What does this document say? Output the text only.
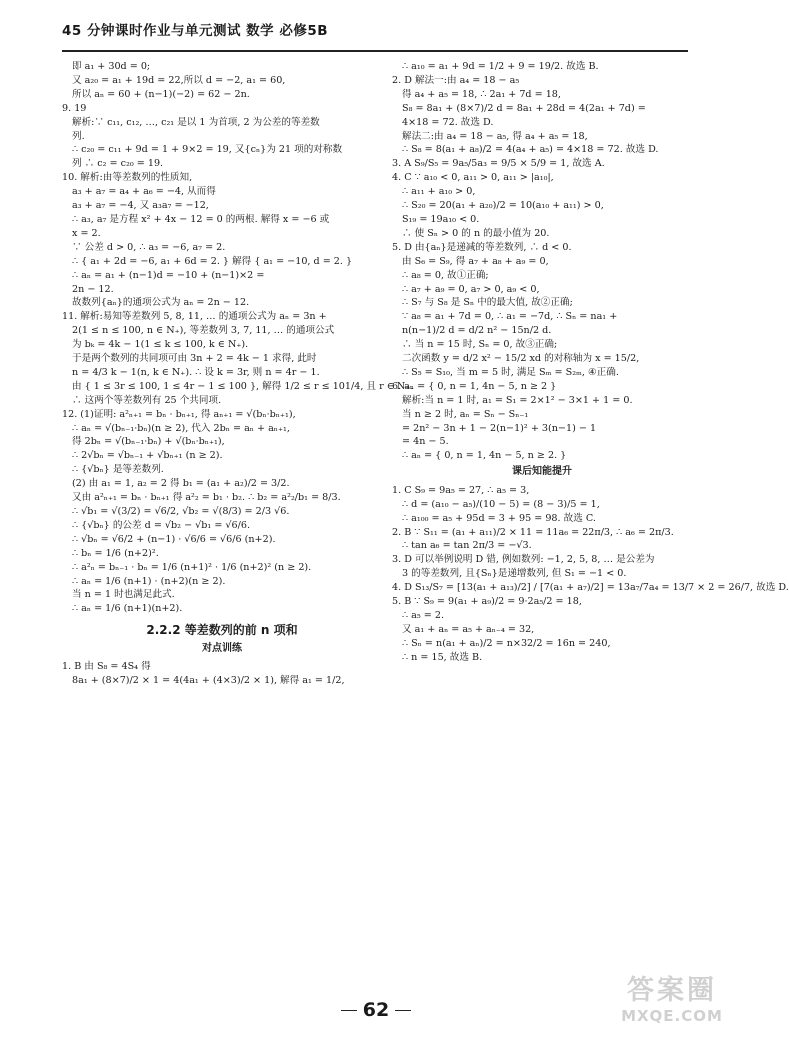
45 分钟课时作业与单元测试 数学 必修5B
即 a₁ + 30d = 0;
又 a₂₀ = a₁ + 19d = 22,所以 d = −2, a₁ = 60,
所以 aₙ = 60 + (n−1)(−2) = 62 − 2n.
9. 19
解析:∵ c₁₁, c₁₂, …, c₂₁ 是以 1 为首项, 2 为公差的等差数
列.
∴ c₂₀ = c₁₁ + 9d = 1 + 9×2 = 19, 又{cₙ}为 21 项的对称数
列 ∴ c₂ = c₂₀ = 19.
10. 解析:由等差数列的性质知,
a₃ + a₇ = a₄ + a₆ = −4, 从而得
a₃ + a₇ = −4, 又 a₃a₇ = −12,
∴ a₃, a₇ 是方程 x² + 4x − 12 = 0 的两根. 解得 x = −6 或
x = 2.
∵ 公差 d > 0, ∴ a₃ = −6, a₇ = 2.
∴ { a₁ + 2d = −6, a₁ + 6d = 2. } 解得 { a₁ = −10, d = 2. }
∴ aₙ = a₁ + (n−1)d = −10 + (n−1)×2 =
2n − 12.
故数列{aₙ}的通项公式为 aₙ = 2n − 12.
11. 解析:易知等差数列 5, 8, 11, … 的通项公式为 aₙ = 3n +
2(1 ≤ n ≤ 100, n ∈ N₊), 等差数列 3, 7, 11, … 的通项公式
为 bₖ = 4k − 1(1 ≤ k ≤ 100, k ∈ N₊).
于是两个数列的共同项可由 3n + 2 = 4k − 1 求得, 此时
n = 4/3 k − 1(n, k ∈ N₊). ∴ 设 k = 3r, 则 n = 4r − 1.
由 { 1 ≤ 3r ≤ 100, 1 ≤ 4r − 1 ≤ 100 }, 解得 1/2 ≤ r ≤ 101/4, 且 r ∈ N₊.
∴ 这两个等差数列有 25 个共同项.
12. (1)证明: a²ₙ₊₁ = bₙ · bₙ₊₁, 得 aₙ₊₁ = √(bₙ·bₙ₊₁),
∴ aₙ = √(bₙ₋₁·bₙ)(n ≥ 2), 代入 2bₙ = aₙ + aₙ₊₁,
得 2bₙ = √(bₙ₋₁·bₙ) + √(bₙ·bₙ₊₁),
∴ 2√bₙ = √bₙ₋₁ + √bₙ₊₁ (n ≥ 2).
∴ {√bₙ} 是等差数列.
(2) 由 a₁ = 1, a₂ = 2 得 b₁ = (a₁ + a₂)/2 = 3/2.
又由 a²ₙ₊₁ = bₙ · bₙ₊₁ 得 a²₂ = b₁ · b₂. ∴ b₂ = a²₂/b₁ = 8/3.
∴ √b₁ = √(3/2) = √6/2, √b₂ = √(8/3) = 2/3 √6.
∴ {√bₙ} 的公差 d = √b₂ − √b₁ = √6/6.
∴ √bₙ = √6/2 + (n−1) · √6/6 = √6/6 (n+2).
∴ bₙ = 1/6 (n+2)².
∴ a²ₙ = bₙ₋₁ · bₙ = 1/6 (n+1)² · 1/6 (n+2)² (n ≥ 2).
∴ aₙ = 1/6 (n+1) · (n+2)(n ≥ 2).
当 n = 1 时也满足此式.
∴ aₙ = 1/6 (n+1)(n+2).
2.2.2 等差数列的前 n 项和
对点训练
1. B 由 S₈ = 4S₄ 得
8a₁ + (8×7)/2 × 1 = 4(4a₁ + (4×3)/2 × 1), 解得 a₁ = 1/2,
∴ a₁₀ = a₁ + 9d = 1/2 + 9 = 19/2. 故选 B.
2. D 解法一:由 a₄ = 18 − a₅
得 a₄ + a₅ = 18, ∴ 2a₁ + 7d = 18,
S₈ = 8a₁ + (8×7)/2 d = 8a₁ + 28d = 4(2a₁ + 7d) =
4×18 = 72. 故选 D.
解法二:由 a₄ = 18 − a₅, 得 a₄ + a₅ = 18,
∴ S₈ = 8(a₁ + a₈)/2 = 4(a₄ + a₅) = 4×18 = 72. 故选 D.
3. A S₉/S₅ = 9a₅/5a₃ = 9/5 × 5/9 = 1, 故选 A.
4. C ∵ a₁₀ < 0, a₁₁ > 0, a₁₁ > |a₁₀|,
∴ a₁₁ + a₁₀ > 0,
∴ S₂₀ = 20(a₁ + a₂₀)/2 = 10(a₁₀ + a₁₁) > 0,
S₁₉ = 19a₁₀ < 0.
∴ 使 Sₙ > 0 的 n 的最小值为 20.
5. D 由{aₙ}是递减的等差数列, ∴ d < 0.
由 S₆ = S₉, 得 a₇ + a₈ + a₉ = 0,
∴ a₈ = 0, 故①正确;
∴ a₇ + a₉ = 0, a₇ > 0, a₉ < 0,
∴ S₇ 与 S₈ 是 Sₙ 中的最大值, 故②正确;
∵ a₈ = a₁ + 7d = 0, ∴ a₁ = −7d, ∴ Sₙ = na₁ +
n(n−1)/2 d = d/2 n² − 15n/2 d.
∴ 当 n = 15 时, Sₙ = 0, 故③正确;
二次函数 y = d/2 x² − 15/2 xd 的对称轴为 x = 15/2,
∴ S₅ = S₁₀, 当 m = 5 时, 满足 Sₘ = S₂ₘ, ④正确.
6. aₙ = { 0, n = 1, 4n − 5, n ≥ 2 }
解析:当 n = 1 时, a₁ = S₁ = 2×1² − 3×1 + 1 = 0.
当 n ≥ 2 时, aₙ = Sₙ − Sₙ₋₁
= 2n² − 3n + 1 − 2(n−1)² + 3(n−1) − 1
= 4n − 5.
∴ aₙ = { 0, n = 1, 4n − 5, n ≥ 2. }
课后知能提升
1. C S₉ = 9a₅ = 27, ∴ a₅ = 3,
∴ d = (a₁₀ − a₅)/(10 − 5) = (8 − 3)/5 = 1,
∴ a₁₀₀ = a₅ + 95d = 3 + 95 = 98. 故选 C.
2. B ∵ S₁₁ = (a₁ + a₁₁)/2 × 11 = 11a₆ = 22π/3, ∴ a₆ = 2π/3.
∴ tan a₆ = tan 2π/3 = −√3.
3. D 可以举例说明 D 错, 例如数列: −1, 2, 5, 8, … 是公差为
3 的等差数列, 且{Sₙ}是递增数列, 但 S₁ = −1 < 0.
4. D S₁₃/S₇ = [13(a₁ + a₁₃)/2] / [7(a₁ + a₇)/2] = 13a₇/7a₄ = 13/7 × 2 = 26/7, 故选 D.
5. B ∵ S₉ = 9(a₁ + a₉)/2 = 9·2a₅/2 = 18,
∴ a₅ = 2.
又 a₁ + aₙ = a₅ + aₙ₋₄ = 32,
∴ Sₙ = n(a₁ + aₙ)/2 = n×32/2 = 16n = 240,
∴ n = 15, 故选 B.
62
答案圈
MXQE.COM
